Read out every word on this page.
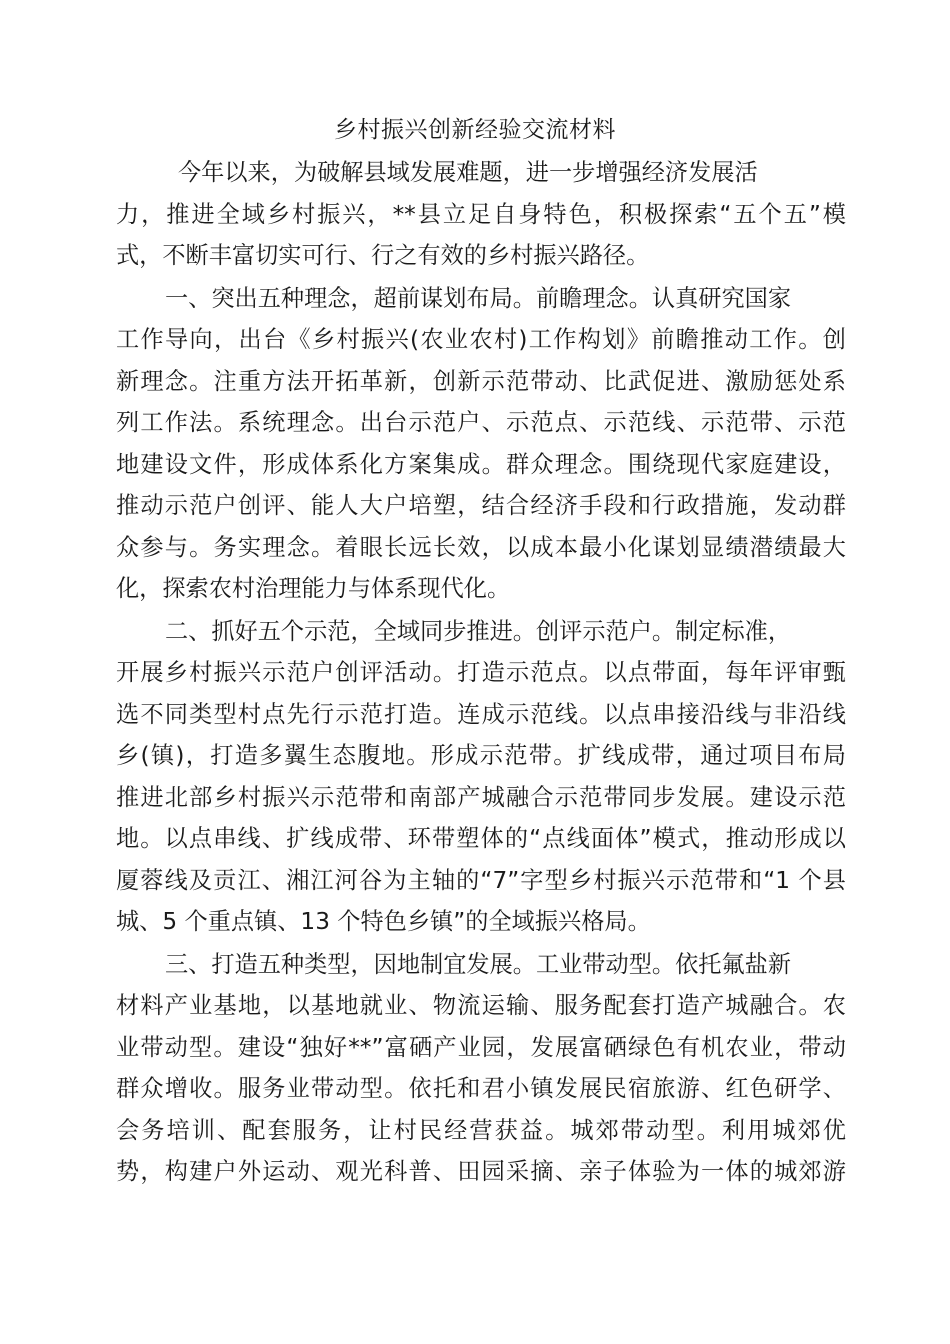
乡村振兴创新经验交流材料
今年以来，为破解县域发展难题，进一步增强经济发展活
力，推进全域乡村振兴，**县立足自身特色，积极探索“五个五”模
式，不断丰富切实可行、行之有效的乡村振兴路径。
一、突出五种理念，超前谋划布局。前瞻理念。认真研究国家
工作导向，出台《乡村振兴(农业农村)工作构划》前瞻推动工作。创
新理念。注重方法开拓革新，创新示范带动、比武促进、激励惩处系
列工作法。系统理念。出台示范户、示范点、示范线、示范带、示范
地建设文件，形成体系化方案集成。群众理念。围绕现代家庭建设，
推动示范户创评、能人大户培塑，结合经济手段和行政措施，发动群
众参与。务实理念。着眼长远长效，以成本最小化谋划显绩潜绩最大
化，探索农村治理能力与体系现代化。
二、抓好五个示范，全域同步推进。创评示范户。制定标准，
开展乡村振兴示范户创评活动。打造示范点。以点带面，每年评审甄
选不同类型村点先行示范打造。连成示范线。以点串接沿线与非沿线
乡(镇)，打造多翼生态腹地。形成示范带。扩线成带，通过项目布局
推进北部乡村振兴示范带和南部产城融合示范带同步发展。建设示范
地。以点串线、扩线成带、环带塑体的“点线面体”模式，推动形成以
厦蓉线及贡江、湘江河谷为主轴的“7”字型乡村振兴示范带和“1 个县
城、5 个重点镇、13 个特色乡镇”的全域振兴格局。
三、打造五种类型，因地制宜发展。工业带动型。依托氟盐新
材料产业基地，以基地就业、物流运输、服务配套打造产城融合。农
业带动型。建设“独好**”富硒产业园，发展富硒绿色有机农业，带动
群众增收。服务业带动型。依托和君小镇发展民宿旅游、红色研学、
会务培训、配套服务，让村民经营获益。城郊带动型。利用城郊优
势，构建户外运动、观光科普、田园采摘、亲子体验为一体的城郊游
